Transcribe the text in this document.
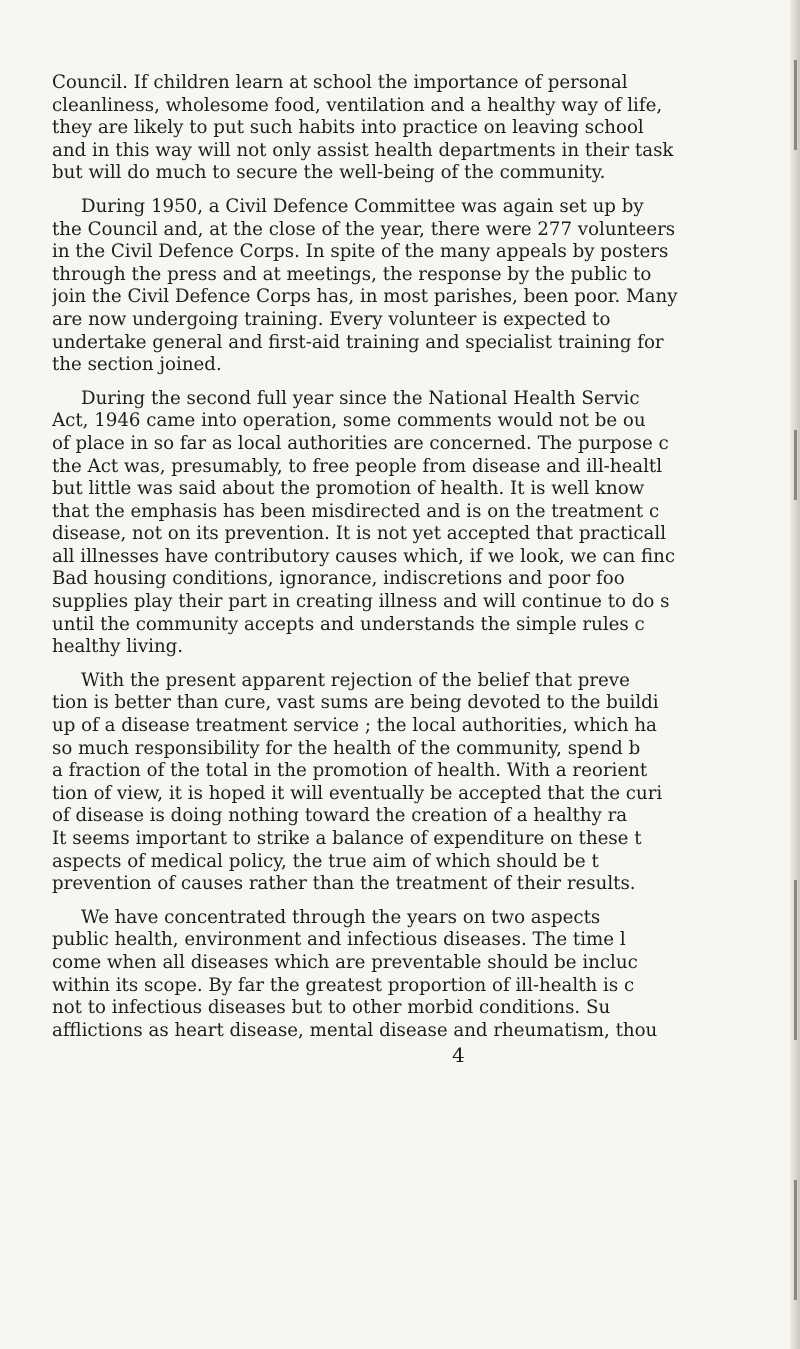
Council. If children learn at school the importance of personal
cleanliness, wholesome food, ventilation and a healthy way of life,
they are likely to put such habits into practice on leaving school
and in this way will not only assist health departments in their task
but will do much to secure the well-being of the community.
During 1950, a Civil Defence Committee was again set up by
the Council and, at the close of the year, there were 277 volunteers
in the Civil Defence Corps. In spite of the many appeals by posters
through the press and at meetings, the response by the public to
join the Civil Defence Corps has, in most parishes, been poor. Many
are now undergoing training. Every volunteer is expected to
undertake general and first-aid training and specialist training for
the section joined.
During the second full year since the National Health Servic
Act, 1946 came into operation, some comments would not be ou
of place in so far as local authorities are concerned. The purpose c
the Act was, presumably, to free people from disease and ill-healtl
but little was said about the promotion of health. It is well know
that the emphasis has been misdirected and is on the treatment c
disease, not on its prevention. It is not yet accepted that practicall
all illnesses have contributory causes which, if we look, we can finc
Bad housing conditions, ignorance, indiscretions and poor foo
supplies play their part in creating illness and will continue to do s
until the community accepts and understands the simple rules c
healthy living.
With the present apparent rejection of the belief that preve
tion is better than cure, vast sums are being devoted to the buildi
up of a disease treatment service ; the local authorities, which ha
so much responsibility for the health of the community, spend b
a fraction of the total in the promotion of health. With a reorient
tion of view, it is hoped it will eventually be accepted that the curi
of disease is doing nothing toward the creation of a healthy ra
It seems important to strike a balance of expenditure on these t
aspects of medical policy, the true aim of which should be t
prevention of causes rather than the treatment of their results.
We have concentrated through the years on two aspects
public health, environment and infectious diseases. The time l
come when all diseases which are preventable should be incluc
within its scope. By far the greatest proportion of ill-health is c
not to infectious diseases but to other morbid conditions. Su
afflictions as heart disease, mental disease and rheumatism, thou
4
